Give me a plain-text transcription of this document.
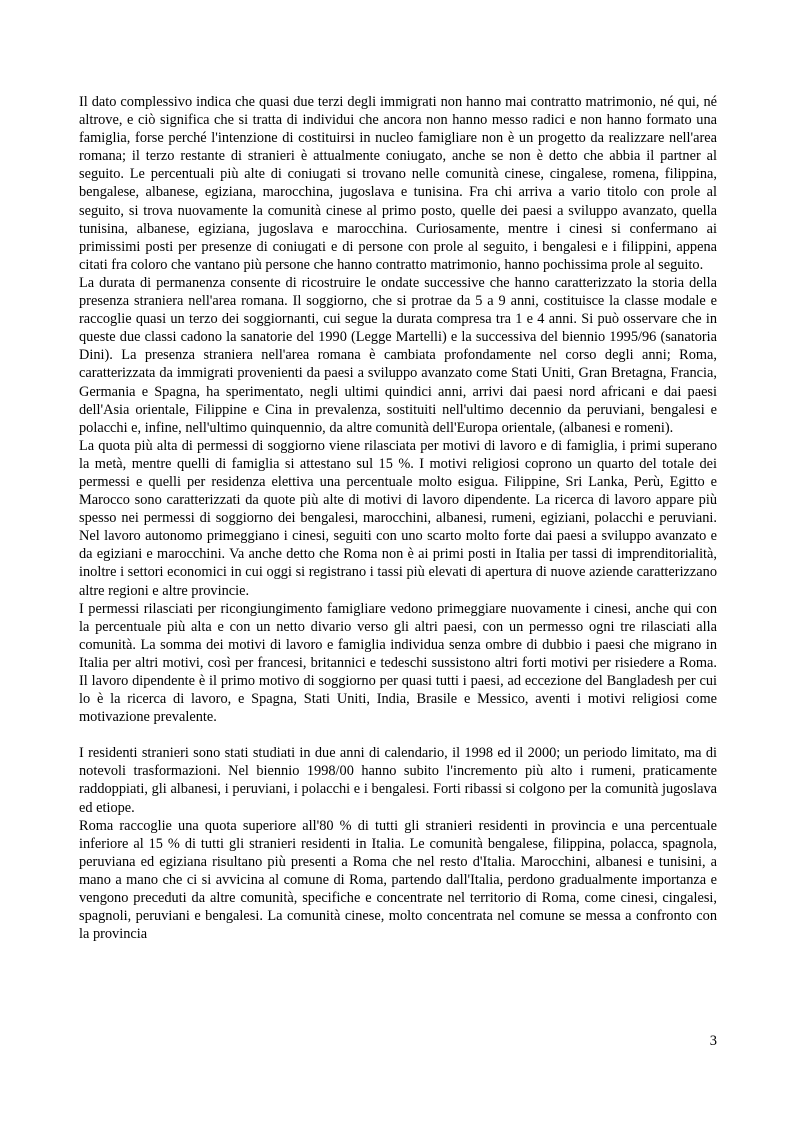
Il dato complessivo indica che quasi due terzi degli immigrati non hanno mai contratto matrimonio, né qui, né altrove, e ciò significa che si tratta di individui che ancora non hanno messo radici e non hanno formato una famiglia, forse perché l'intenzione di costituirsi in nucleo famigliare non è un progetto da realizzare nell'area romana; il terzo restante di stranieri è attualmente coniugato, anche se non è detto che abbia il partner al seguito. Le percentuali più alte di coniugati si trovano nelle comunità cinese, cingalese, romena, filippina, bengalese, albanese, egiziana, marocchina, jugoslava e tunisina. Fra chi arriva a vario titolo con prole al seguito, si trova nuovamente la comunità cinese al primo posto, quelle dei paesi a sviluppo avanzato, quella tunisina, albanese, egiziana, jugoslava e marocchina. Curiosamente, mentre i cinesi si confermano ai primissimi posti per presenze di coniugati e di persone con prole al seguito, i bengalesi e i filippini, appena citati fra coloro che vantano più persone che hanno contratto matrimonio, hanno pochissima prole al seguito.

La durata di permanenza consente di ricostruire le ondate successive che hanno caratterizzato la storia della presenza straniera nell'area romana. Il soggiorno, che si protrae da 5 a 9 anni, costituisce la classe modale e raccoglie quasi un terzo dei soggiornanti, cui segue la durata compresa tra 1 e 4 anni. Si può osservare che in queste due classi cadono la sanatorie del 1990 (Legge Martelli) e la successiva del biennio 1995/96 (sanatoria Dini). La presenza straniera nell'area romana è cambiata profondamente nel corso degli anni; Roma, caratterizzata da immigrati provenienti da paesi a sviluppo avanzato come Stati Uniti, Gran Bretagna, Francia, Germania e Spagna, ha sperimentato, negli ultimi quindici anni, arrivi dai paesi nord africani e dai paesi dell'Asia orientale, Filippine e Cina in prevalenza, sostituiti nell'ultimo decennio da peruviani, bengalesi e polacchi e, infine, nell'ultimo quinquennio, da altre comunità dell'Europa orientale, (albanesi e romeni).

La quota più alta di permessi di soggiorno viene rilasciata per motivi di lavoro e di famiglia, i primi superano la metà, mentre quelli di famiglia si attestano sul 15 %. I motivi religiosi coprono un quarto del totale dei permessi e quelli per residenza elettiva una percentuale molto esigua. Filippine, Sri Lanka, Perù, Egitto e Marocco sono caratterizzati da quote più alte di motivi di lavoro dipendente. La ricerca di lavoro appare più spesso nei permessi di soggiorno dei bengalesi, marocchini, albanesi, rumeni, egiziani, polacchi e peruviani. Nel lavoro autonomo primeggiano i cinesi, seguiti con uno scarto molto forte dai paesi a sviluppo avanzato e da egiziani e marocchini. Va anche detto che Roma non è ai primi posti in Italia per tassi di imprenditorialità, inoltre i settori economici in cui oggi si registrano i tassi più elevati di apertura di nuove aziende caratterizzano altre regioni e altre provincie.

I permessi rilasciati per ricongiungimento famigliare vedono primeggiare nuovamente i cinesi, anche qui con la percentuale più alta e con un netto divario verso gli altri paesi, con un permesso ogni tre rilasciati alla comunità. La somma dei motivi di lavoro e famiglia individua senza ombre di dubbio i paesi che migrano in Italia per altri motivi, così per francesi, britannici e tedeschi sussistono altri forti motivi per risiedere a Roma. Il lavoro dipendente è il primo motivo di soggiorno per quasi tutti i paesi, ad eccezione del Bangladesh per cui lo è la ricerca di lavoro, e Spagna, Stati Uniti, India, Brasile e Messico, aventi i motivi religiosi come motivazione prevalente.

I residenti stranieri sono stati studiati in due anni di calendario, il 1998 ed il 2000; un periodo limitato, ma di notevoli trasformazioni. Nel biennio 1998/00 hanno subito l'incremento più alto i rumeni, praticamente raddoppiati, gli albanesi, i peruviani, i polacchi e i bengalesi. Forti ribassi si colgono per la comunità jugoslava ed etiope.

Roma raccoglie una quota superiore all'80 % di tutti gli stranieri residenti in provincia e una percentuale inferiore al 15 % di tutti gli stranieri residenti in Italia. Le comunità bengalese, filippina, polacca, spagnola, peruviana ed egiziana risultano più presenti a Roma che nel resto d'Italia. Marocchini, albanesi e tunisini, a mano a mano che ci si avvicina al comune di Roma, partendo dall'Italia, perdono gradualmente importanza e vengono preceduti da altre comunità, specifiche e concentrate nel territorio di Roma, come cinesi, cingalesi, spagnoli, peruviani e bengalesi. La comunità cinese, molto concentrata nel comune se messa a confronto con la provincia

3
